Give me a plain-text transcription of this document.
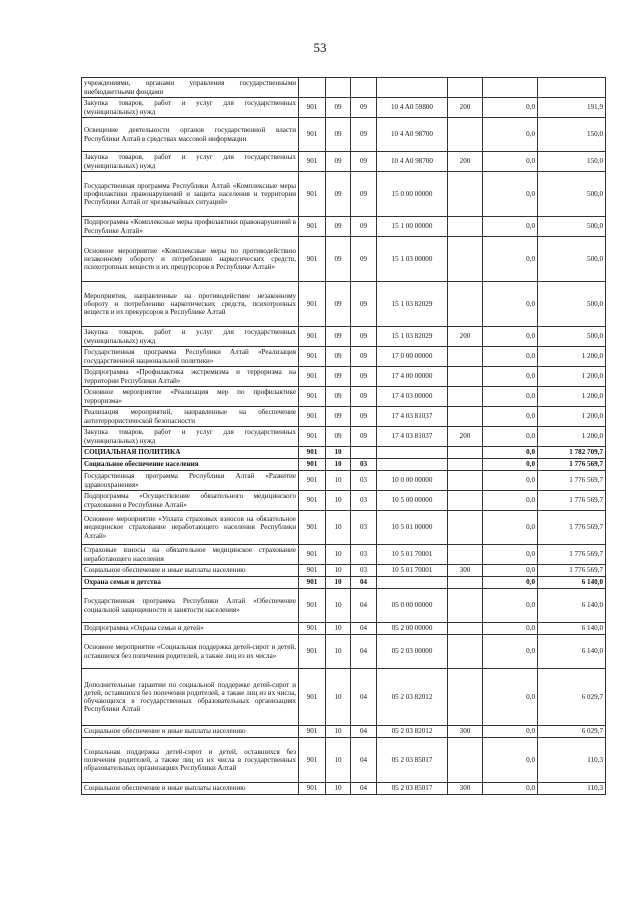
53
учреждениями, органами управления государственными внебюджетными фондами							
Закупка товаров, работ и услуг для государственных (муниципальных) нужд	901	09	09	10 4 A0 59800	200	0,0	191,9
Освещение деятельности органов государственной власти Республики Алтай в средствах массовой информации	901	09	09	10 4 A0 98700		0,0	150,0
Закупка товаров, работ и услуг для государственных (муниципальных) нужд	901	09	09	10 4 A0 98700	200	0,0	150,0
Государственная программа Республики Алтай «Комплексные меры профилактики правонарушений и защита населения и территории Республики Алтай от чрезвычайных ситуаций»	901	09	09	15 0 00 00000		0,0	500,0
Подпрограмма «Комплексные меры профилактики правонарушений в Республике Алтай»	901	09	09	15 1 00 00000		0,0	500,0
Основное мероприятие «Комплексные меры по противодействию незаконному обороту и потреблению наркотических средств, психотропных веществ и их прецурсоров в Республике Алтай»	901	09	09	15 1 03 00000		0,0	500,0
Мероприятия, направленные на противодействие незаконному обороту и потреблению наркотических средств, психотропных веществ и их прекурсоров в Республике Алтай	901	09	09	15 1 03 82029		0,0	500,0
Закупка товаров, работ и услуг для государственных (муниципальных) нужд	901	09	09	15 1 03 82029	200	0,0	500,0
Государственная программа Республики Алтай «Реализация государственной национальной политики»	901	09	09	17 0 00 00000		0,0	1 200,0
Подпрограмма «Профилактика экстремизма и терроризма на территории Республики Алтай»	901	09	09	17 4 00 00000		0,0	1 200,0
Основное мероприятие «Реализация мер по профилактике терроризма»	901	09	09	17 4 03 00000		0,0	1 200,0
Реализация мероприятий, направленные на обеспечение антитеррористической безопасности	901	09	09	17 4 03 81037		0,0	1 200,0
Закупка товаров, работ и услуг для государственных (муниципальных) нужд	901	09	09	17 4 03 81037	200	0,0	1 200,0
СОЦИАЛЬНАЯ ПОЛИТИКА	901	10				0,0	1 782 709,7
Социальное обеспечение населения	901	10	03			0,0	1 776 569,7
Государственная программа Республики Алтай «Развитие здравоохранения»	901	10	03	10 0 00 00000		0,0	1 776 569,7
Подпрограмма «Осуществление обязательного медицинского страхования в Республике Алтай»	901	10	03	10 5 00 00000		0,0	1 776 569,7
Основное мероприятие «Уплата страховых взносов на обязательное медицинское страхование неработающего населения Республики Алтай»	901	10	03	10 5 01 00000		0,0	1 776 569,7
Страховые взносы на обязательное медицинское страхование неработающего населения	901	10	03	10 5 01 70001		0,0	1 776 569,7
Социальное обеспечение и иные выплаты населению	901	10	03	10 5 01 70001	300	0,0	1 776 569,7
Охрана семьи и детства	901	10	04			0,0	6 140,0
Государственная программа Республики Алтай «Обеспечение социальной защищенности и занятости населения»	901	10	04	05 0 00 00000		0,0	6 140,0
Подпрограмма «Охрана семьи и детей»	901	10	04	05 2 00 00000		0,0	6 140,0
Основное мероприятие «Социальная поддержка детей-сирот и детей, оставшихся без попечения родителей, а также лиц из их числа»	901	10	04	05 2 03 00000		0,0	6 140,0
Дополнительные гарантии по социальной поддержке детей-сирот и детей, оставшихся без попечения родителей, а также лиц из их числа, обучающихся в государственных образовательных организациях Республики Алтай	901	10	04	05 2 03 82012		0,0	6 029,7
Социальное обеспечение и иные выплаты населению	901	10	04	05 2 03 82012	300	0,0	6 029,7
Социальная поддержка детей-сирот и детей, оставшихся без попечения родителей, а также лиц из их числа в государственных образовательных организациях Республики Алтай	901	10	04	05 2 03 85017		0,0	110,3
Социальное обеспечение и иные выплаты населению	901	10	04	05 2 03 85017	300	0,0	110,3
